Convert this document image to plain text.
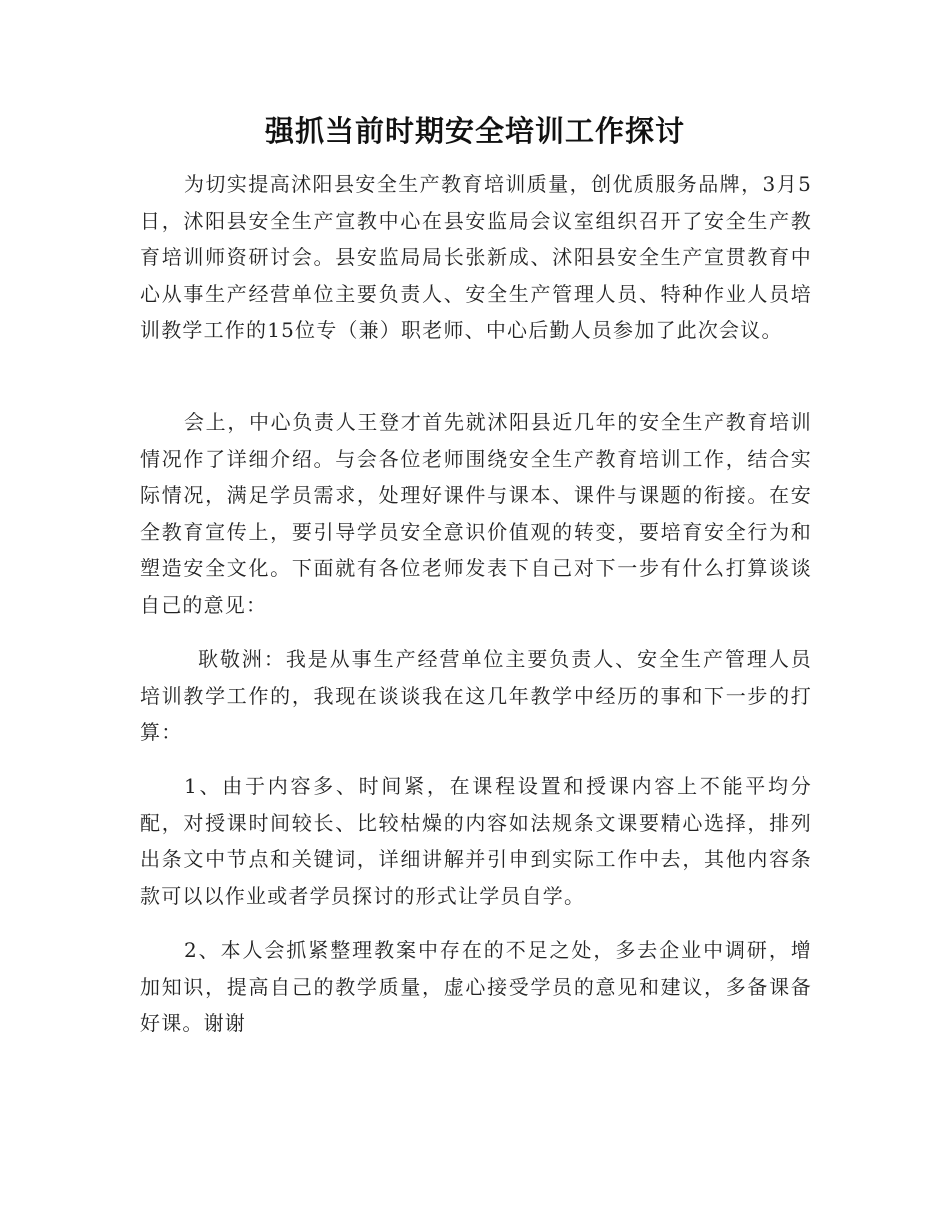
强抓当前时期安全培训工作探讨

为切实提高沭阳县安全生产教育培训质量，创优质服务品牌，3月5日，沭阳县安全生产宣教中心在县安监局会议室组织召开了安全生产教育培训师资研讨会。县安监局局长张新成、沭阳县安全生产宣贯教育中心从事生产经营单位主要负责人、安全生产管理人员、特种作业人员培训教学工作的15位专（兼）职老师、中心后勤人员参加了此次会议。

会上，中心负责人王登才首先就沭阳县近几年的安全生产教育培训情况作了详细介绍。与会各位老师围绕安全生产教育培训工作，结合实际情况，满足学员需求，处理好课件与课本、课件与课题的衔接。在安全教育宣传上，要引导学员安全意识价值观的转变，要培育安全行为和塑造安全文化。下面就有各位老师发表下自己对下一步有什么打算谈谈自己的意见：

耿敬洲：我是从事生产经营单位主要负责人、安全生产管理人员培训教学工作的，我现在谈谈我在这几年教学中经历的事和下一步的打算：

1、由于内容多、时间紧，在课程设置和授课内容上不能平均分配，对授课时间较长、比较枯燥的内容如法规条文课要精心选择，排列出条文中节点和关键词，详细讲解并引申到实际工作中去，其他内容条款可以以作业或者学员探讨的形式让学员自学。

2、本人会抓紧整理教案中存在的不足之处，多去企业中调研，增加知识，提高自己的教学质量，虚心接受学员的意见和建议，多备课备好课。谢谢
